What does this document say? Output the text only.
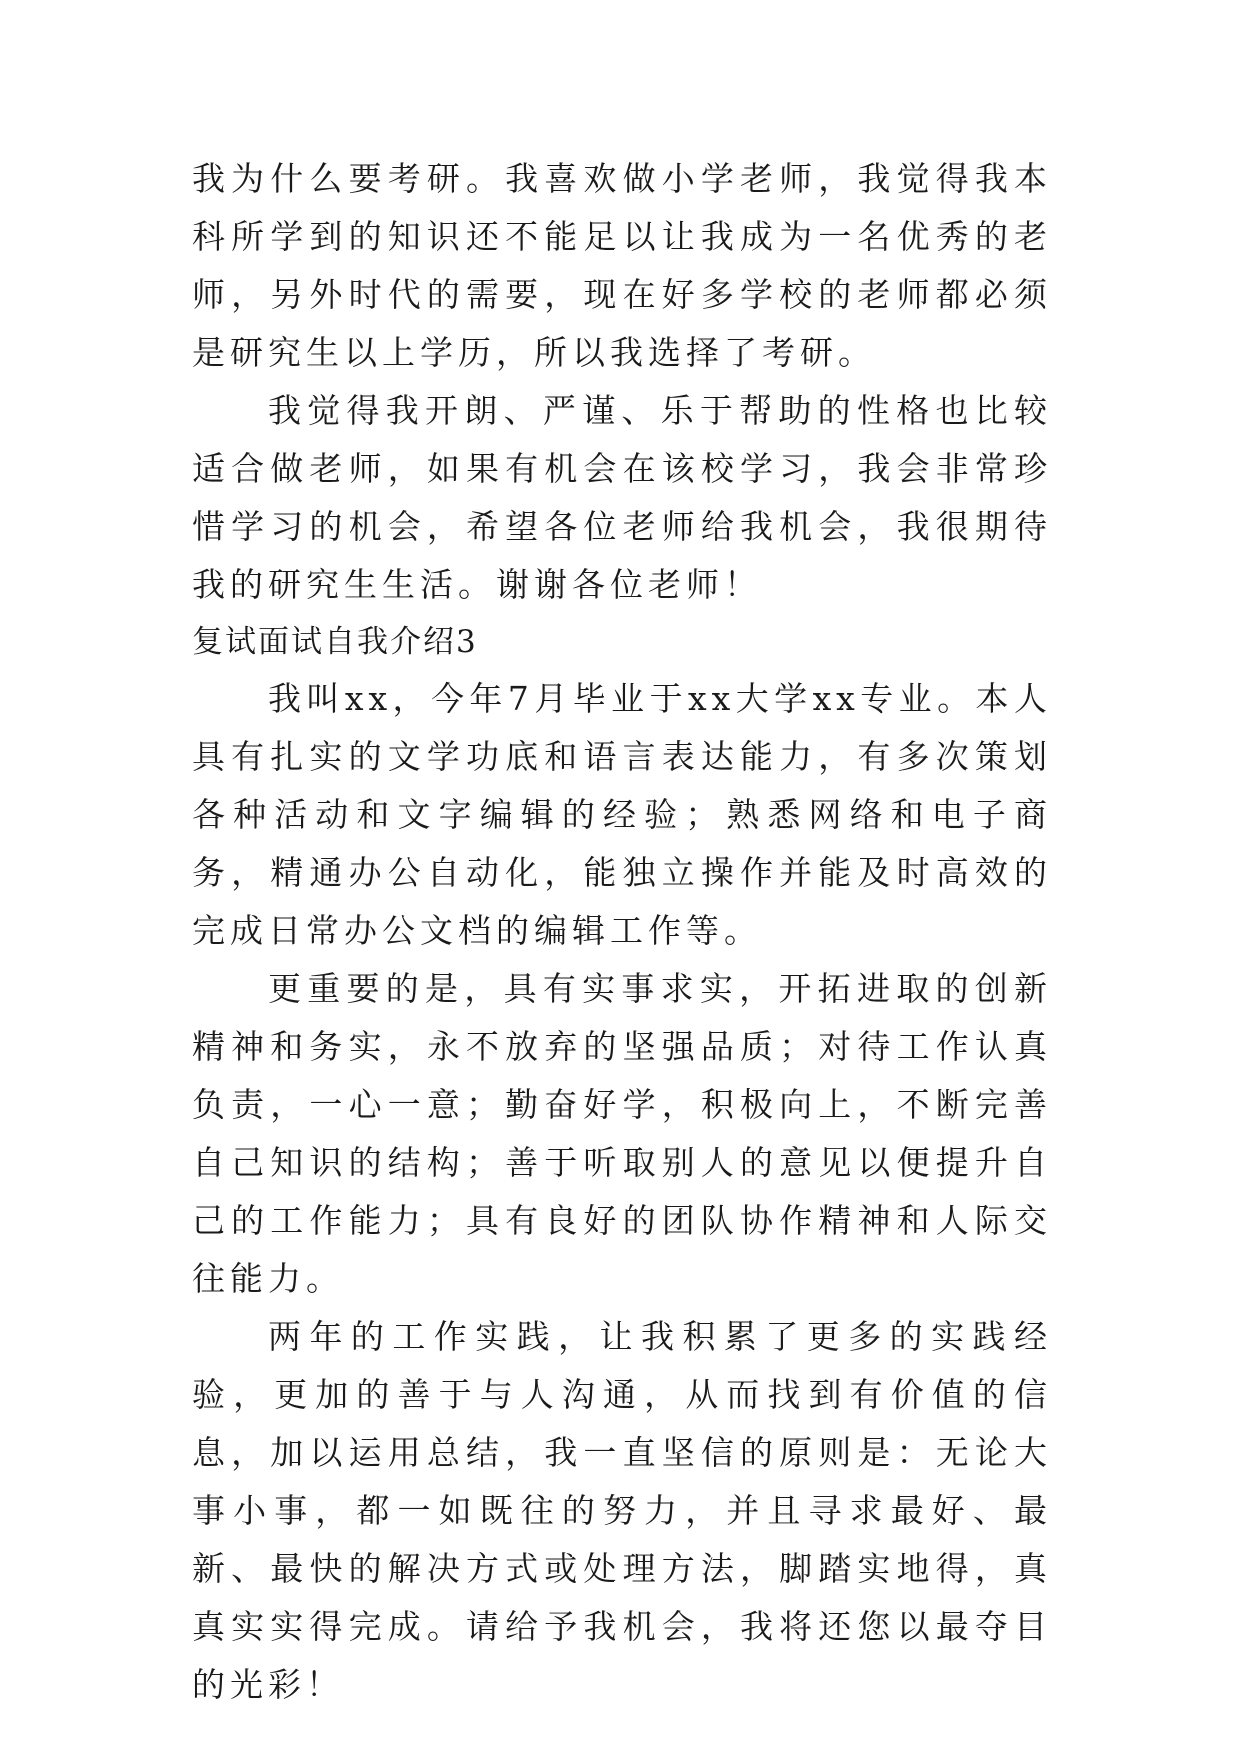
我为什么要考研。我喜欢做小学老师，我觉得我本科所学到的知识还不能足以让我成为一名优秀的老师，另外时代的需要，现在好多学校的老师都必须是研究生以上学历，所以我选择了考研。

我觉得我开朗、严谨、乐于帮助的性格也比较适合做老师，如果有机会在该校学习，我会非常珍惜学习的机会，希望各位老师给我机会，我很期待我的研究生生活。谢谢各位老师！

复试面试自我介绍3

我叫xx，今年7月毕业于xx大学xx专业。本人具有扎实的文学功底和语言表达能力，有多次策划各种活动和文字编辑的经验；熟悉网络和电子商务，精通办公自动化，能独立操作并能及时高效的完成日常办公文档的编辑工作等。

更重要的是，具有实事求实，开拓进取的创新精神和务实，永不放弃的坚强品质；对待工作认真负责，一心一意；勤奋好学，积极向上，不断完善自己知识的结构；善于听取别人的意见以便提升自己的工作能力；具有良好的团队协作精神和人际交往能力。

两年的工作实践，让我积累了更多的实践经验，更加的善于与人沟通，从而找到有价值的信息，加以运用总结，我一直坚信的原则是：无论大事小事，都一如既往的努力，并且寻求最好、最新、最快的解决方式或处理方法，脚踏实地得，真真实实得完成。请给予我机会，我将还您以最夺目的光彩！
